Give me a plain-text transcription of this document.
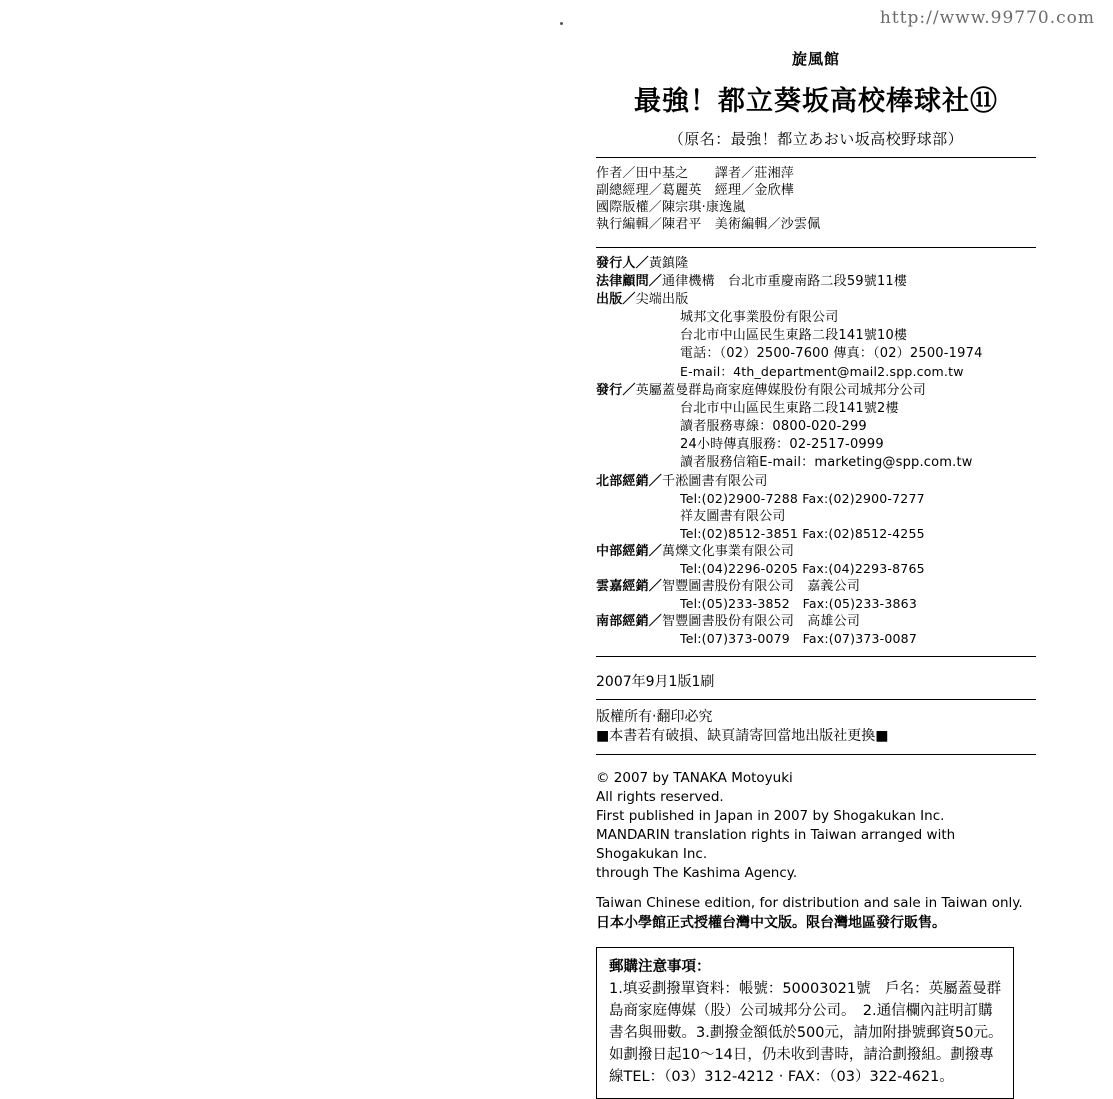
http://www.99770.com
旋風館
最強！都立葵坂高校棒球社⑪
（原名：最強！都立あおい坂高校野球部）
作者／田中基之　　譯者／莊湘萍
副總經理／葛麗英　經理／金欣樺
國際版權／陳宗琪‧康逸嵐
執行編輯／陳君平　美術編輯／沙雲佩
發行人／黃鎮隆
法律顧問／通律機構　台北市重慶南路二段59號11樓
出版／尖端出版
城邦文化事業股份有限公司
台北市中山區民生東路二段141號10樓
電話：（02）2500-7600 傳真：（02）2500-1974
E-mail：4th_department@mail2.spp.com.tw
發行／英屬蓋曼群島商家庭傳媒股份有限公司城邦分公司
台北市中山區民生東路二段141號2樓
讀者服務專線：0800-020-299
24小時傳真服務：02-2517-0999
讀者服務信箱E-mail：marketing@spp.com.tw
北部經銷／千淞圖書有限公司
Tel:(02)2900-7288 Fax:(02)2900-7277
祥友圖書有限公司
Tel:(02)8512-3851 Fax:(02)8512-4255
中部經銷／萬爍文化事業有限公司
Tel:(04)2296-0205 Fax:(04)2293-8765
雲嘉經銷／智豐圖書股份有限公司　嘉義公司
Tel:(05)233-3852　Fax:(05)233-3863
南部經銷／智豐圖書股份有限公司　高雄公司
Tel:(07)373-0079　Fax:(07)373-0087
2007年9月1版1刷
版權所有‧翻印必究
■本書若有破損、缺頁請寄回當地出版社更換■
© 2007 by TANAKA Motoyuki
All rights reserved.
First published in Japan in 2007 by Shogakukan Inc.
MANDARIN translation rights in Taiwan arranged with Shogakukan Inc.
through The Kashima Agency.
Taiwan Chinese edition, for distribution and sale in Taiwan only.
日本小學館正式授權台灣中文版。限台灣地區發行販售。
郵購注意事項：
1.填妥劃撥單資料：帳號：50003021號　戶名：英屬蓋曼群島商家庭傳媒（股）公司城邦分公司。　2.通信欄內註明訂購書名與冊數。3.劃撥金額低於500元，請加附掛號郵資50元。如劃撥日起10～14日，仍未收到書時，請洽劃撥組。劃撥專線TEL：（03）312-4212 ‧ FAX：（03）322-4621。
